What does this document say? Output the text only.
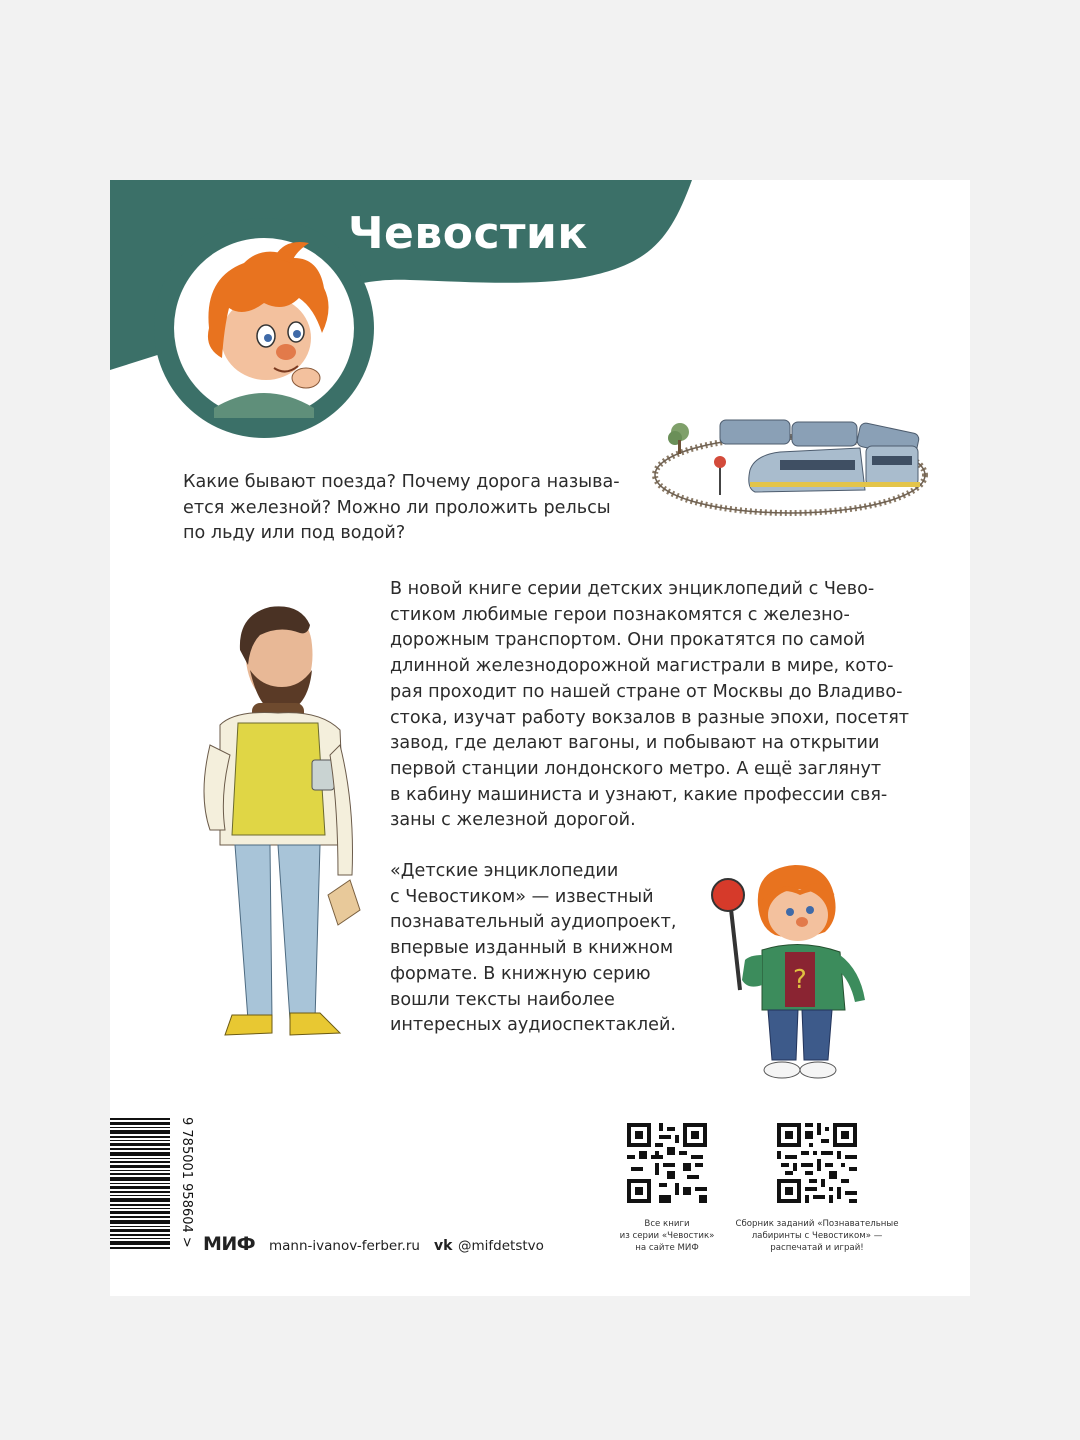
Чевостик
Какие бывают поезда? Почему дорога называ-
ется железной? Можно ли проложить рельсы
по льду или под водой?
В новой книге серии детских энциклопедий с Чево-
стиком любимые герои познакомятся с железно-
дорожным транспортом. Они прокатятся по самой
длинной железнодорожной магистрали в мире, кото-
рая проходит по нашей стране от Москвы до Владиво-
стока, изучат работу вокзалов в разные эпохи, посетят
завод, где делают вагоны, и побывают на открытии
первой станции лондонского метро. А ещё заглянут
в кабину машиниста и узнают, какие профессии свя-
заны с железной дорогой.
«Детские энциклопедии
с Чевостиком» — известный
познавательный аудиопроект,
впервые изданный в книжном
формате. В книжную серию
вошли тексты наиболее
интересных аудиоспектаклей.
?
9 785001 958604 > МИФ mann-ivanov-ferber.ru vk @mifdetstvo
Все книги
из серии «Чевостик»
на сайте МИФ
Сборник заданий «Познавательные
лабиринты с Чевостиком» —
распечатай и играй!
